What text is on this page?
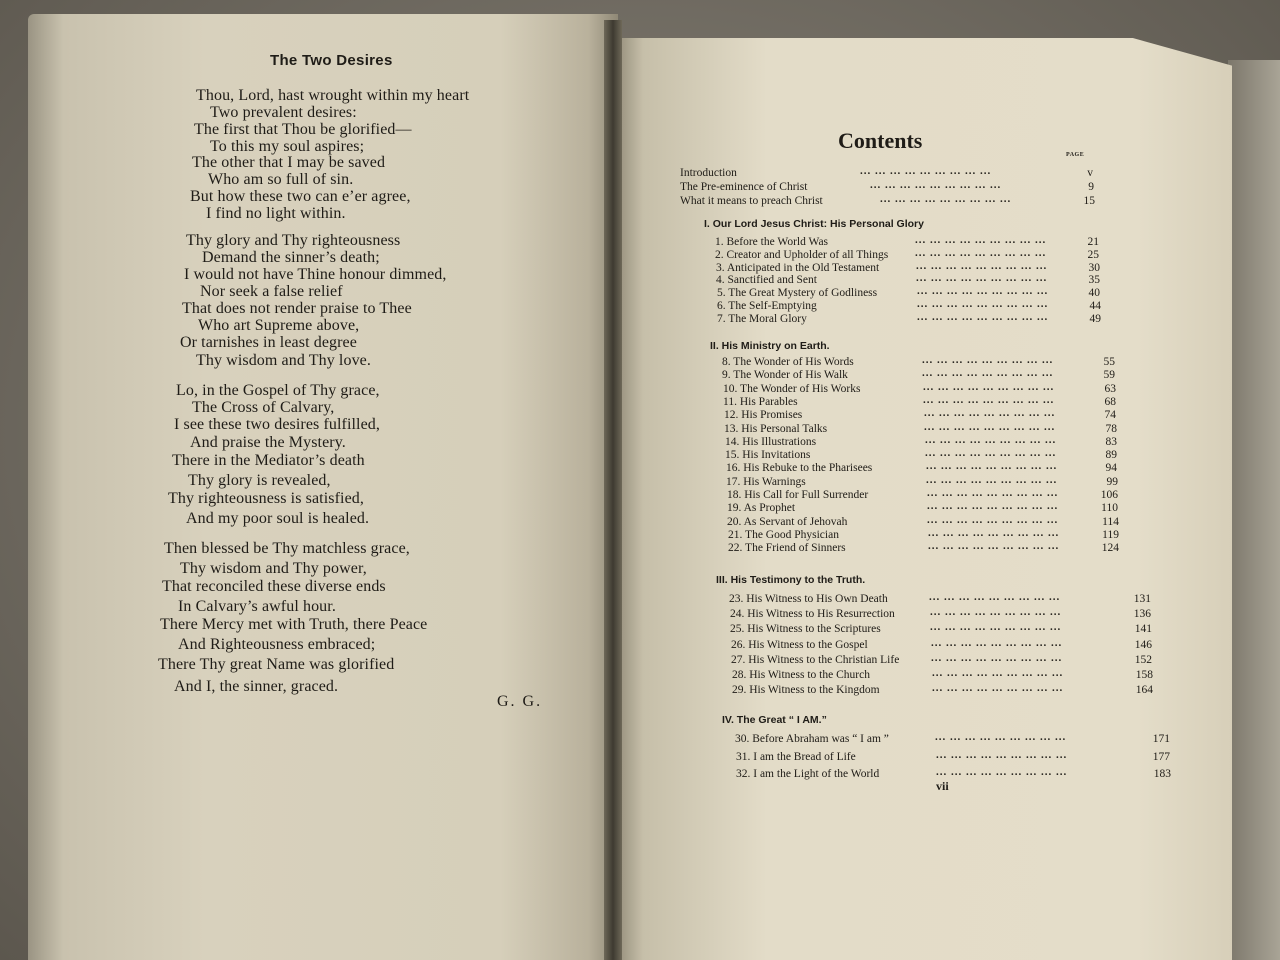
The Two Desires
Thou, Lord, hast wrought within my heart
Two prevalent desires:
The first that Thou be glorified—
To this my soul aspires;
The other that I may be saved
Who am so full of sin.
But how these two can e’er agree,
I find no light within.
Thy glory and Thy righteousness
Demand the sinner’s death;
I would not have Thine honour dimmed,
Nor seek a false relief
That does not render praise to Thee
Who art Supreme above,
Or tarnishes in least degree
Thy wisdom and Thy love.
Lo, in the Gospel of Thy grace,
The Cross of Calvary,
I see these two desires fulfilled,
And praise the Mystery.
There in the Mediator’s death
Thy glory is revealed,
Thy righteousness is satisfied,
And my poor soul is healed.
Then blessed be Thy matchless grace,
Thy wisdom and Thy power,
That reconciled these diverse ends
In Calvary’s awful hour.
There Mercy met with Truth, there Peace
And Righteousness embraced;
There Thy great Name was glorified
And I, the sinner, graced.
G. G.
Contents
PAGE
Introduction	... ... ... ... ... ... ... ... ...	v
The Pre-eminence of Christ	... ... ... ... ... ... ... ... ...	9
What it means to preach Christ	... ... ... ... ... ... ... ... ...	15
I. Our Lord Jesus Christ: His Personal Glory
1. Before the World Was	... ... ... ... ... ... ... ... ...	21
2. Creator and Upholder of all Things ... ... ... ... ... ... ... ... ...	25
3. Anticipated in the Old Testament	... ... ... ... ... ... ... ... ...	30
4. Sanctified and Sent	... ... ... ... ... ... ... ... ...	35
5. The Great Mystery of Godliness	... ... ... ... ... ... ... ... ...	40
6. The Self-Emptying	... ... ... ... ... ... ... ... ...	44
7. The Moral Glory	... ... ... ... ... ... ... ... ...	49
II. His Ministry on Earth.
8. The Wonder of His Words	... ... ... ... ... ... ... ... ...	55
9. The Wonder of His Walk	... ... ... ... ... ... ... ... ...	59
10. The Wonder of His Works	... ... ... ... ... ... ... ... ...	63
11. His Parables	... ... ... ... ... ... ... ... ...	68
12. His Promises	... ... ... ... ... ... ... ... ...	74
13. His Personal Talks	... ... ... ... ... ... ... ... ...	78
14. His Illustrations	... ... ... ... ... ... ... ... ...	83
15. His Invitations	... ... ... ... ... ... ... ... ...	89
16. His Rebuke to the Pharisees	... ... ... ... ... ... ... ... ...	94
17. His Warnings	... ... ... ... ... ... ... ... ...	99
18. His Call for Full Surrender	... ... ... ... ... ... ... ... ...	106
19. As Prophet	... ... ... ... ... ... ... ... ...	110
20. As Servant of Jehovah	... ... ... ... ... ... ... ... ...	114
21. The Good Physician	... ... ... ... ... ... ... ... ...	119
22. The Friend of Sinners	... ... ... ... ... ... ... ... ...	124
III. His Testimony to the Truth.
23. His Witness to His Own Death	... ... ... ... ... ... ... ... ...	131
24. His Witness to His Resurrection	... ... ... ... ... ... ... ... ...	136
25. His Witness to the Scriptures	... ... ... ... ... ... ... ... ...	141
26. His Witness to the Gospel	... ... ... ... ... ... ... ... ...	146
27. His Witness to the Christian Life	... ... ... ... ... ... ... ... ...	152
28. His Witness to the Church	... ... ... ... ... ... ... ... ...	158
29. His Witness to the Kingdom	... ... ... ... ... ... ... ... ...	164
IV. The Great “ I AM.”
30. Before Abraham was “ I am ”	... ... ... ... ... ... ... ... ...	171
31. I am the Bread of Life	... ... ... ... ... ... ... ... ...	177
32. I am the Light of the World	... ... ... ... ... ... ... ... ...	183
vii
